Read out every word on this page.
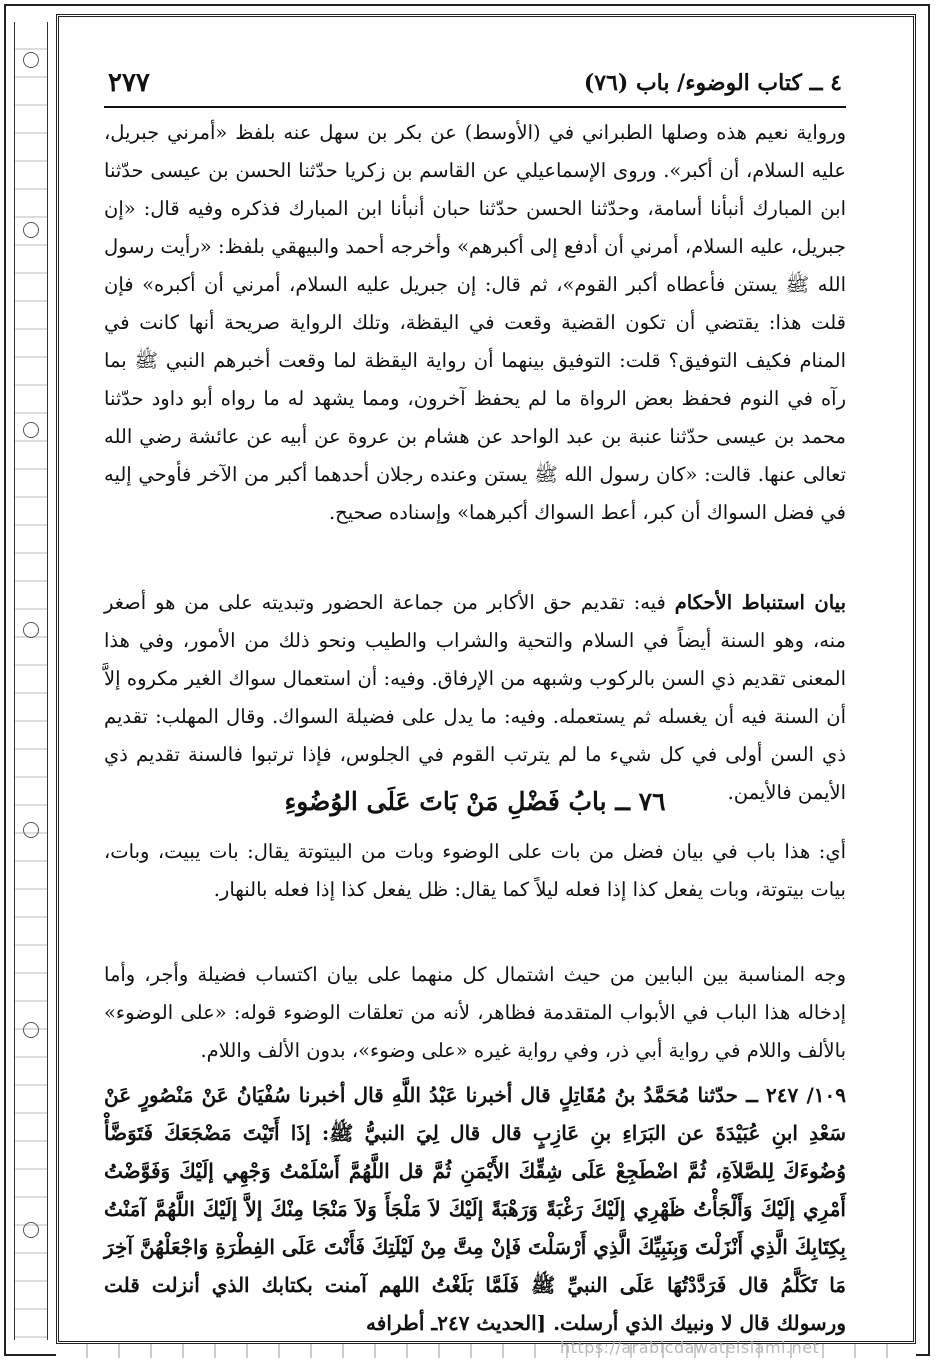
٤ ــ كتاب الوضوء/ باب (٧٦)
٢٧٧
ورواية نعيم هذه وصلها الطبراني في (الأوسط) عن بكر بن سهل عنه بلفظ «أمرني جبريل، عليه السلام، أن أكبر». وروى الإسماعيلي عن القاسم بن زكريا حدّثنا الحسن بن عيسى حدّثنا ابن المبارك أنبأنا أسامة، وحدّثنا الحسن حدّثنا حبان أنبأنا ابن المبارك فذكره وفيه قال: «إن جبريل، عليه السلام، أمرني أن أدفع إلى أكبرهم» وأخرجه أحمد والبيهقي بلفظ: «رأيت رسول الله ﷺ يستن فأعطاه أكبر القوم»، ثم قال: إن جبريل عليه السلام، أمرني أن أكبره» فإن قلت هذا: يقتضي أن تكون القضية وقعت في اليقظة، وتلك الرواية صريحة أنها كانت في المنام فكيف التوفيق؟ قلت: التوفيق بينهما أن رواية اليقظة لما وقعت أخبرهم النبي ﷺ بما رآه في النوم فحفظ بعض الرواة ما لم يحفظ آخرون، ومما يشهد له ما رواه أبو داود حدّثنا محمد بن عيسى حدّثنا عنبة بن عبد الواحد عن هشام بن عروة عن أبيه عن عائشة رضي الله تعالى عنها. قالت: «كان رسول الله ﷺ يستن وعنده رجلان أحدهما أكبر من الآخر فأوحي إليه في فضل السواك أن كبر، أعط السواك أكبرهما» وإسناده صحيح.
بيان استنباط الأحكام فيه: تقديم حق الأكابر من جماعة الحضور وتبديته على من هو أصغر منه، وهو السنة أيضاً في السلام والتحية والشراب والطيب ونحو ذلك من الأمور، وفي هذا المعنى تقديم ذي السن بالركوب وشبهه من الإرفاق. وفيه: أن استعمال سواك الغير مكروه إلاَّ أن السنة فيه أن يغسله ثم يستعمله. وفيه: ما يدل على فضيلة السواك. وقال المهلب: تقديم ذي السن أولى في كل شيء ما لم يترتب القوم في الجلوس، فإذا ترتبوا فالسنة تقديم ذي الأيمن فالأيمن.
٧٦ ــ بابُ فَضْلِ مَنْ بَاتَ عَلَى الوُضُوءِ
أي: هذا باب في بيان فضل من بات على الوضوء وبات من البيتوتة يقال: بات يبيت، وبات، بيات بيتوتة، وبات يفعل كذا إذا فعله ليلاً كما يقال: ظل يفعل كذا إذا فعله بالنهار.
وجه المناسبة بين البابين من حيث اشتمال كل منهما على بيان اكتساب فضيلة وأجر، وأما إدخاله هذا الباب في الأبواب المتقدمة فظاهر، لأنه من تعلقات الوضوء قوله: «على الوضوء» بالألف واللام في رواية أبي ذر، وفي رواية غيره «على وضوء»، بدون الألف واللام.
١٠٩/ ٢٤٧ ــ حدّثنا مُحَمَّدُ بنُ مُقَاتِلٍ قال أخبرنا عَبْدُ اللَّهِ قال أخبرنا سُفْيَانُ عَنْ مَنْصُورٍ عَنْ سَعْدِ ابنِ عُبَيْدَةَ عن البَرَاءِ بنِ عَازِبٍ قال قال لِيَ النبيُّ ﷺ: إذَا أَتَيْتَ مَضْجَعَكَ فَتَوَضَّأْ وُضُوءَكَ لِلصَّلاَةِ، ثُمَّ اضْطَجِعْ عَلَى شِقِّكَ الأَيْمَنِ ثُمَّ قل اللَّهُمَّ أَسْلَمْتُ وَجْهِي إلَيْكَ وَفَوَّضْتُ أَمْرِي إلَيْكَ وَأَلْجَأْتُ ظَهْرِي إلَيْكَ رَغْبَةً وَرَهْبَةً إلَيْكَ لاَ مَلْجَأَ وَلاَ مَنْجَا مِنْكَ إلاَّ إلَيْكَ اللَّهُمَّ آمَنْتُ بِكِتَابِكَ الَّذِي أَنْزَلْتَ وَبِنَبِيِّكَ الَّذِي أَرْسَلْتَ فَإنْ مِتَّ مِنْ لَيْلَتِكَ فَأَنْتَ عَلَى الفِطْرَةِ وَاجْعَلْهُنَّ آخِرَ مَا تَكَلَّمُ قال فَرَدَّدْتُهَا عَلَى النبيِّ ﷺ فَلَمَّا بَلَغْتُ اللهم آمنت بكتابك الذي أنزلت قلت ورسولك قال لا ونبيك الذي أرسلت. [الحديث ٢٤٧ـ أطرافه
https://arabicdawateislami.net
